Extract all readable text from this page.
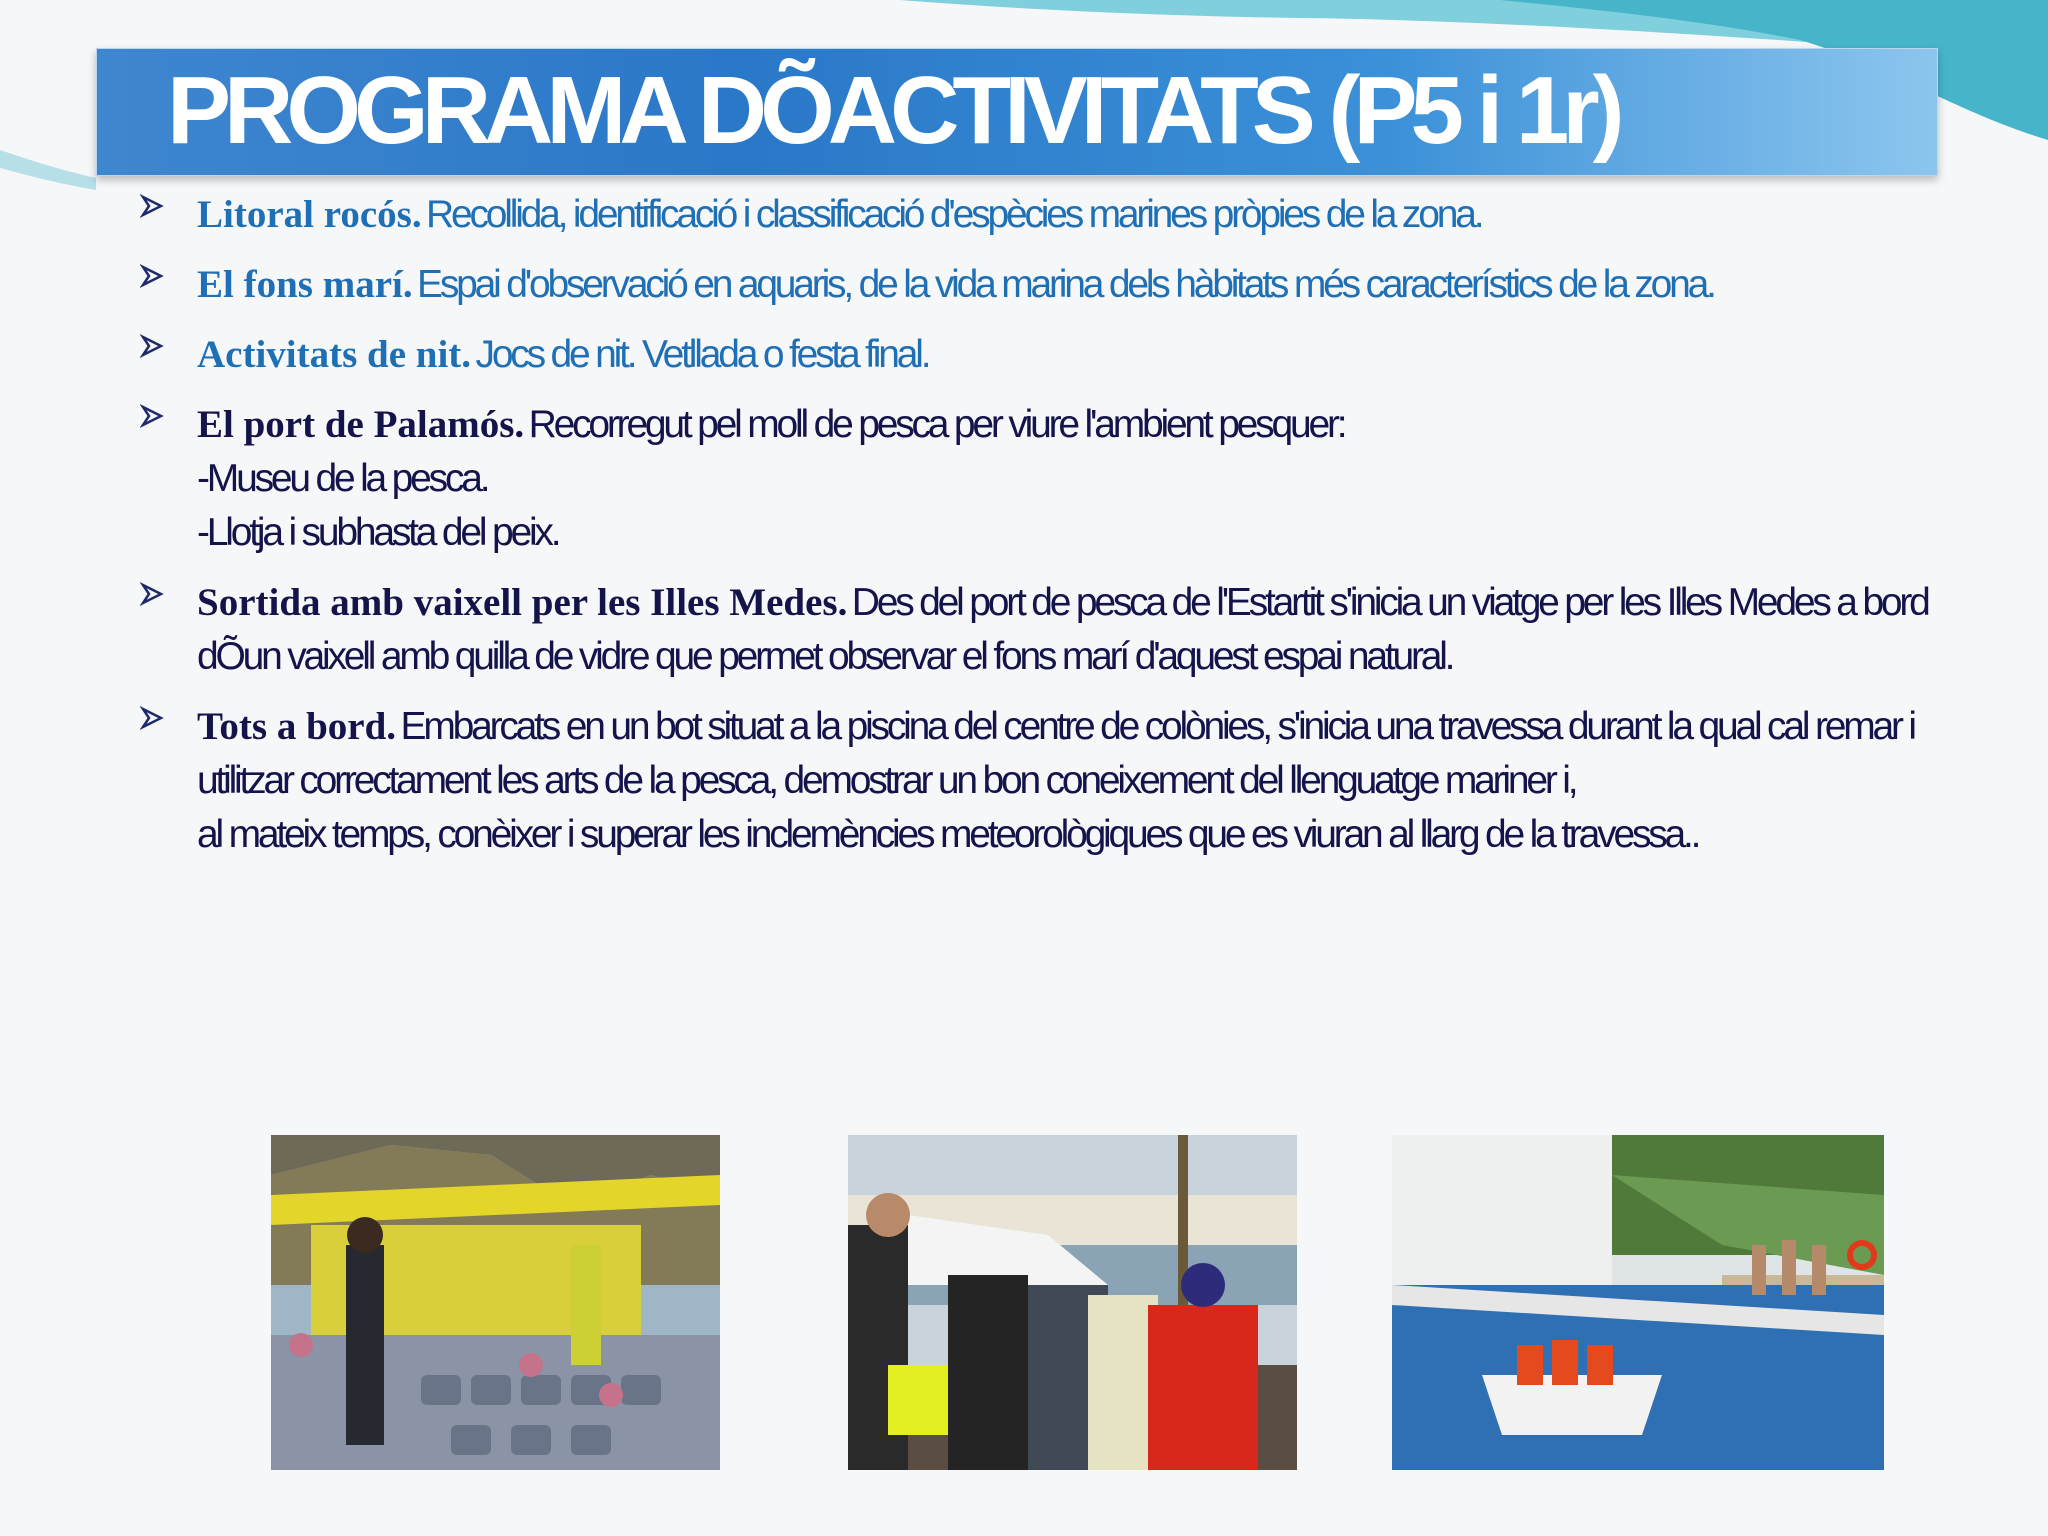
PROGRAMA DÕACTIVITATS (P5 i 1r)
Litoral rocós. Recollida, identificació i classificació d'espècies marines pròpies de la zona.
El fons marí. Espai d'observació en aquaris, de la vida marina dels hàbitats més característics de la zona.
Activitats de nit. Jocs de nit. Vetllada o festa final.
El port de Palamós. Recorregut pel moll de pesca per viure l'ambient pesquer:
-Museu de la pesca.
-Llotja i subhasta del peix.
Sortida amb vaixell per les Illes Medes. Des del port de pesca de l'Estartit s'inicia un viatge per les Illes Medes a bord dÕun vaixell amb quilla de vidre que permet observar el fons marí d'aquest espai natural.
Tots a bord. Embarcats en un bot situat a la piscina del centre de colònies, s'inicia una travessa durant la qual cal remar i utilitzar correctament les arts de la pesca, demostrar un bon coneixement del llenguatge mariner i,
al mateix temps, conèixer i superar les inclemències meteorològiques que es viuran al llarg de la travessa..
